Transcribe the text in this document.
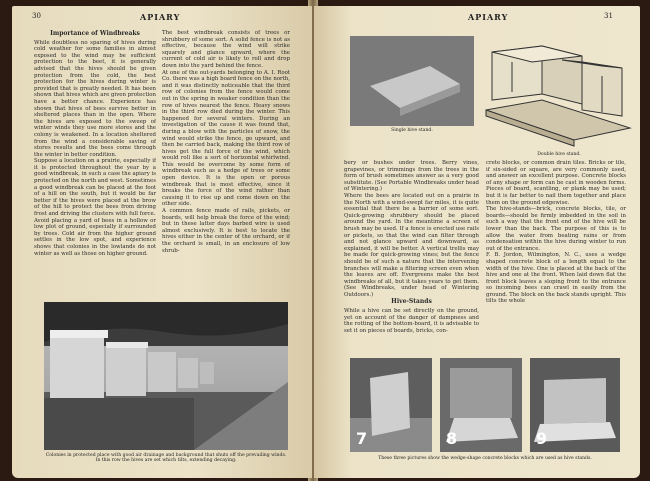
30	APIARY
Importance of Windbreaks

While doubtless no sparing of hives during cold weather for some families in almost exposed to the wind may be sufficient protection to the beet, it is generally advised that the hives should be given protection from the cold, the best protection for the hives during winter is provided that is greatly needed. It has been shown that hives which are given protection have a better chance. Experience has shown that hives of bees survive better in sheltered places than in the open. Where the hives are exposed to the sweep of winter winds they use more stores and the colony is weakened. In a location sheltered from the wind a considerable saving of stores results and the bees come through the winter in better condition.
Suppose a location on a prairie, especially if it is protected throughout the year by a good windbreak, in such a case the apiary is protected on the north and west. Sometimes a good windbreak can be placed at the foot of a hill on the south, but it would be far better if the hives were placed at the brow of the hill to protect the bees from driving frost and driving the clusters with full force.
Avoid placing a yard of bees in a hollow or low plot of ground, especially if surrounded by trees. Cold air from the higher ground settles in the low spot, and experience shows that colonies in the lowlands do not winter as well as those on higher ground.

The best windbreak consists of trees or shrubbery of some sort. A solid fence is not as effective, because the wind will strike squarely and glance upward, where the current of cold air is likely to roll and drop down into the yard behind the fence.
At one of the out-yards belonging to A. I. Root Co. there was a high board fence on the north, and it was distinctly noticeable that the third row of colonies from the fence would come out in the spring in weaker condition than the row of hives nearest the fence. Heavy snows in the third row died during the winter. This happened for several winters. During an investigation of the cause it was found that, during a blow with the particles of snow, the wind would strike the fence, go upward, and then be carried back, making the third row of hives get the full force of the wind, which would roll like a sort of horizontal whirlwind. This would be overcome by some form of windbreak such as a hedge of trees or some open device. It is the open or porous windbreak that is most effective, since it breaks the force of the wind rather than causing it to rise up and come down on the other side.
A common fence made of rails, pickets, or boards, will help break the force of the wind; but in these latter days barbed wire is used almost exclusively. It is best to locate the hives either in the center of the orchard, or if the orchard is small, in an enclosure of low shrub-

Colonies in protected place with good air drainage and background that shuts off the prevailing winds. In this row the hives are set which tilts, extending decaying.
APIARY	31
Single hive stand.
Double hive stand.

bery or bushes under trees. Berry vines, grapevines, or trimmings from the trees in the form of brush sometimes answer as a very good substitute. (See Portable Windbreaks under head of Wintering.)
Where the bees are located out on a prairie in the North with a wind-swept far miles, it is quite essential that there be a barrier of some sort. Quick-growing shrubbery should be placed around the yard. In the meantime a screen of brush may be used. If a fence is erected use rails or pickets, so that the wind can filter through and not glance upward and downward, as explained, it will be better. A vertical trellis may be made for quick-growing vines; but the fence should be of such a nature that the intervening branches will make a filtering screen even when the leaves are off. Evergreens make the best windbreaks of all, but it takes years to get them. (See Windbreaks, under head of Wintering Outdoors.)

Hive-Stands

While a hive can be set directly on the ground, yet on account of the danger of dampness and the rotting of the bottom-board, it is advisable to set it on pieces of boards, bricks, con-

crete blocks, or common drain tiles. Bricks or tile, if six-sided or square, are very commonly used, and answer an excellent purpose. Concrete blocks of any shape or form can be cast in wooden forms. Pieces of board, scantling, or plank may be used; but it is far better to nail them together and place them on the ground edgewise.
The hive-stands—brick, concrete blocks, tile, or boards—should be firmly imbedded in the soil in such a way that the front end of the hive will be lower than the back. The purpose of this is to allow the water from beating rains or from condensation within the hive during winter to run out of the entrance.
F. B. Jordon, Wilmington, N. C., uses a wedge shaped concrete block of a length equal to the width of the hive. One is placed at the back of the hive and one at the front. When laid down flat the front block leaves a sloping front to the entrance so incoming bees can crawl in easily from the ground. The block on the back stands upright. This tilts the whole

7	8	9
These three pictures show the wedge-shape concrete blocks which are used as hive stands.
